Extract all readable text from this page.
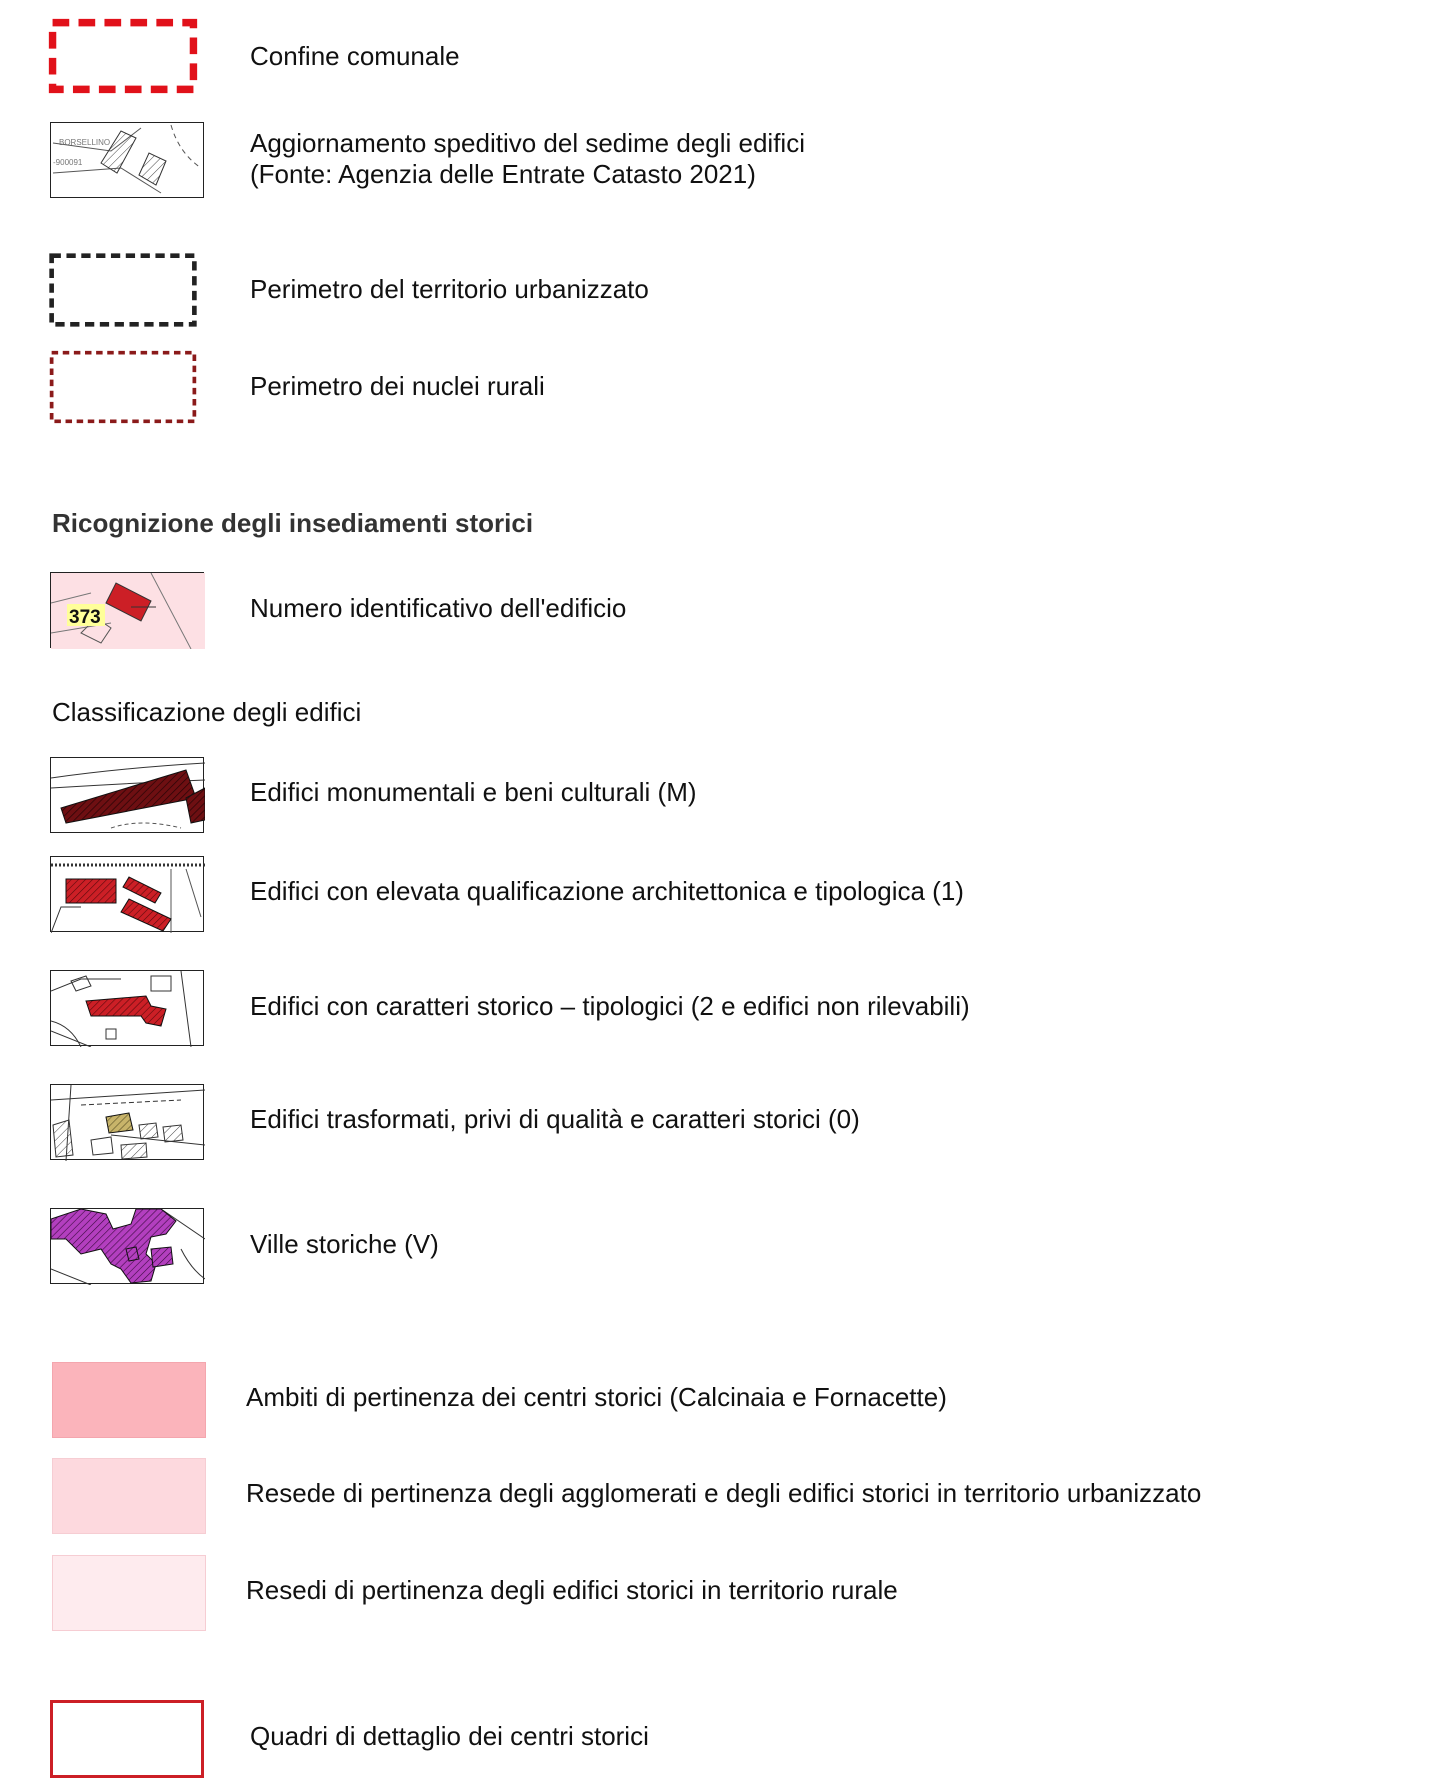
Confine comunale
BORSELLINO
-900091
Aggiornamento speditivo del sedime degli edifici
(Fonte: Agenzia delle Entrate Catasto 2021)
Perimetro del territorio urbanizzato
Perimetro dei nuclei rurali
Ricognizione degli insediamenti storici
373	Numero identificativo dell'edificio
Classificazione degli edifici
Edifici monumentali e beni culturali (M)
Edifici con elevata qualificazione architettonica e tipologica (1)
Edifici con caratteri storico – tipologici (2 e edifici non rilevabili)
Edifici trasformati, privi di qualità e caratteri storici (0)
Ville storiche (V)
Ambiti di pertinenza dei centri storici (Calcinaia e Fornacette)
Resede di pertinenza degli agglomerati e degli edifici storici in territorio urbanizzato
Resedi di pertinenza degli edifici storici in territorio rurale
Quadri di dettaglio dei centri storici
